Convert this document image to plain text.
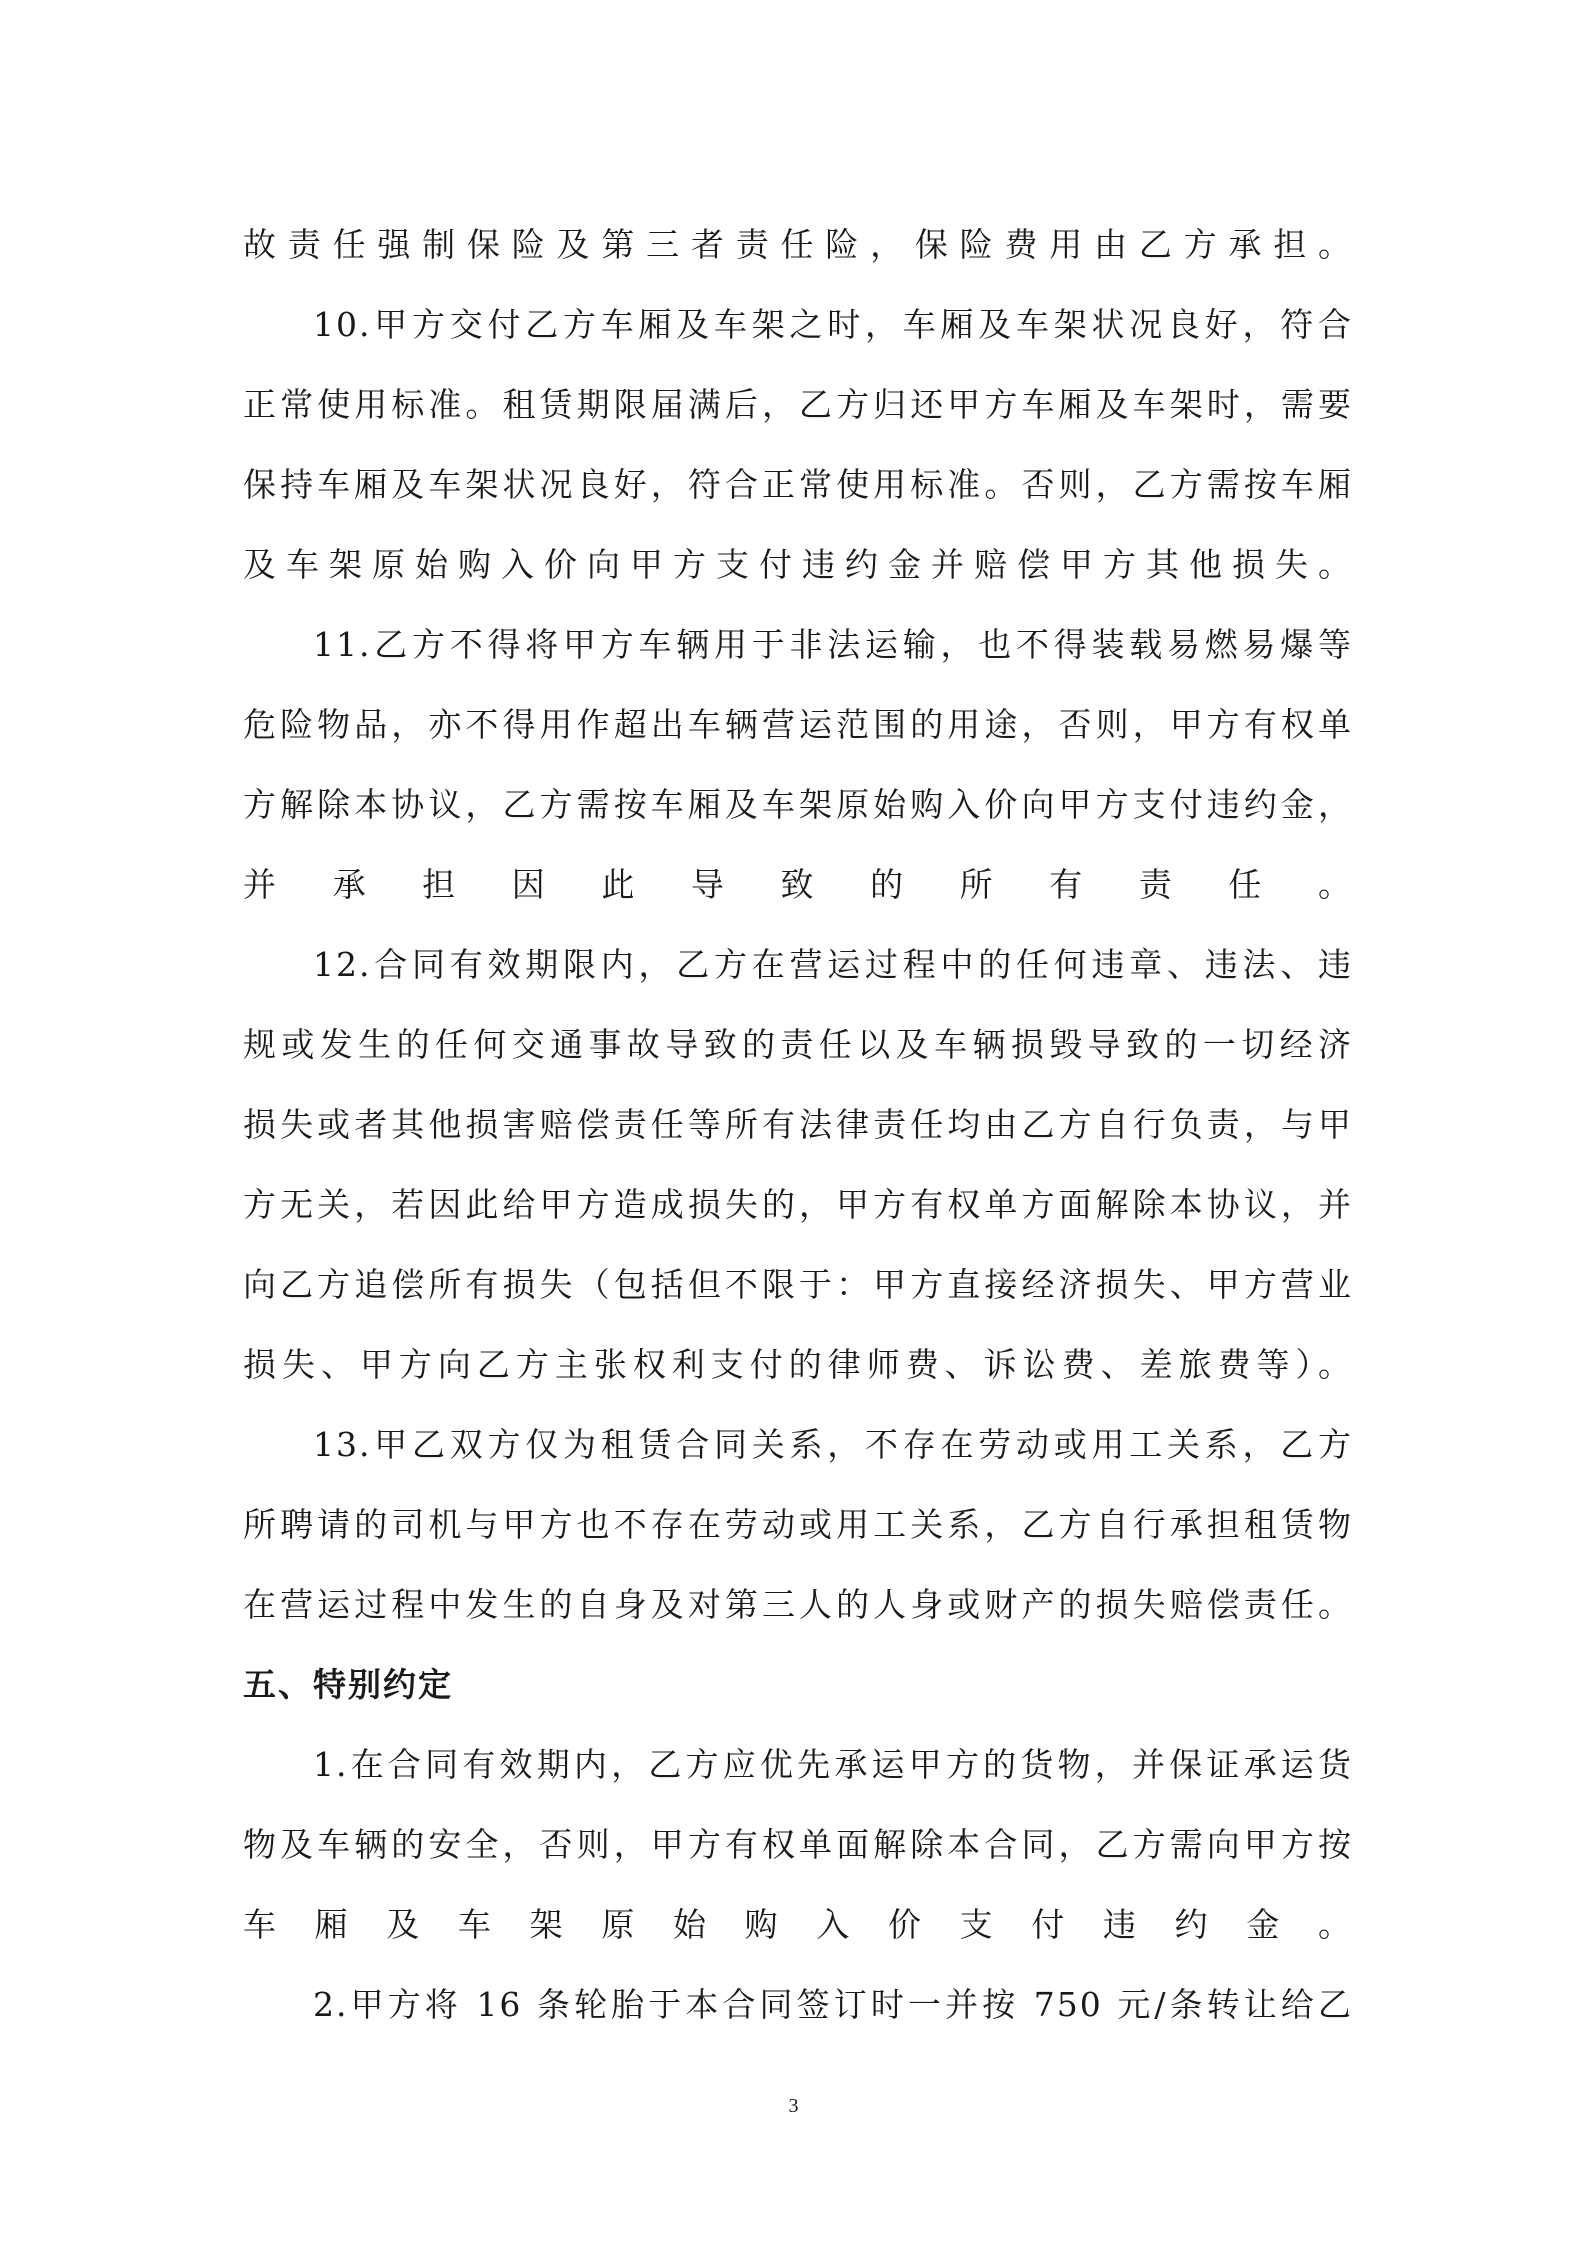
故责任强制保险及第三者责任险，保险费用由乙方承担。
10.甲方交付乙方车厢及车架之时，车厢及车架状况良好，符合
正常使用标准。租赁期限届满后，乙方归还甲方车厢及车架时，需要
保持车厢及车架状况良好，符合正常使用标准。否则，乙方需按车厢
及车架原始购入价向甲方支付违约金并赔偿甲方其他损失。
11.乙方不得将甲方车辆用于非法运输，也不得装载易燃易爆等
危险物品，亦不得用作超出车辆营运范围的用途，否则，甲方有权单
方解除本协议，乙方需按车厢及车架原始购入价向甲方支付违约金，
并承担因此导致的所有责任。
12.合同有效期限内，乙方在营运过程中的任何违章、违法、违
规或发生的任何交通事故导致的责任以及车辆损毁导致的一切经济
损失或者其他损害赔偿责任等所有法律责任均由乙方自行负责，与甲
方无关，若因此给甲方造成损失的，甲方有权单方面解除本协议，并
向乙方追偿所有损失（包括但不限于：甲方直接经济损失、甲方营业
损失、甲方向乙方主张权利支付的律师费、诉讼费、差旅费等）。
13.甲乙双方仅为租赁合同关系，不存在劳动或用工关系，乙方
所聘请的司机与甲方也不存在劳动或用工关系，乙方自行承担租赁物
在营运过程中发生的自身及对第三人的人身或财产的损失赔偿责任。
五、特别约定
1.在合同有效期内，乙方应优先承运甲方的货物，并保证承运货
物及车辆的安全，否则，甲方有权单面解除本合同，乙方需向甲方按
车厢及车架原始购入价支付违约金。
2.甲方将 16 条轮胎于本合同签订时一并按 750 元/条转让给乙
3
